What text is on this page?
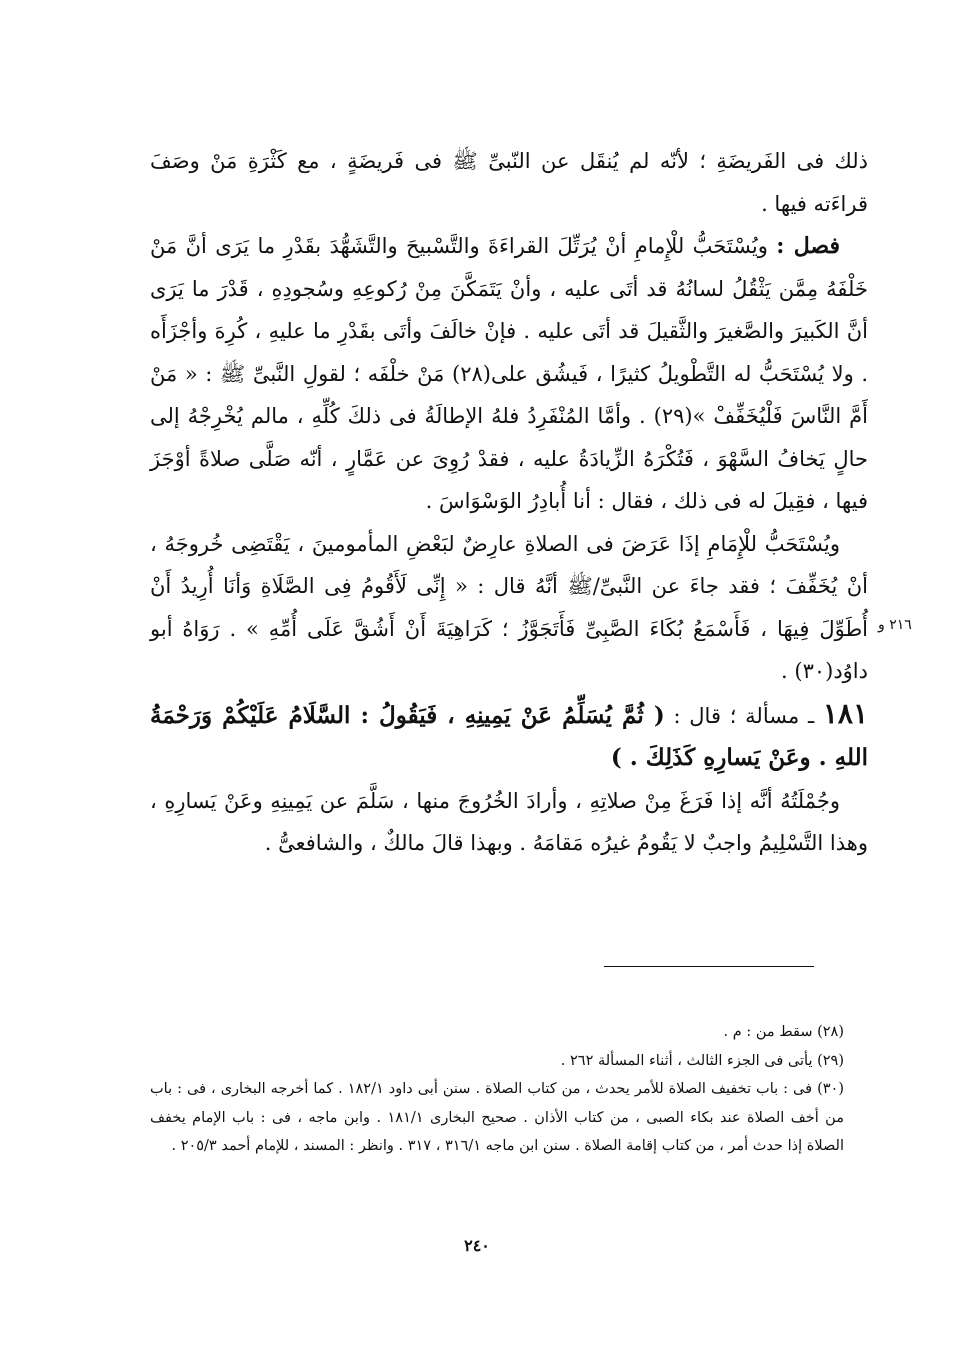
ذلك فى الفَريضَةِ ؛ لأنّه لم يُنقَل عن النّبىِّ ﷺ فى فَريضَةٍ ، مع كَثْرَةِ مَنْ وصَفَ قراءَته فيها .

فصل : ويُسْتَحَبُّ للْإِمامِ أنْ يُرَتِّلَ القراءَةَ والتَّسْبيحَ والتَّشَهُّدَ بقَدْرِ ما يَرَى أنَّ مَنْ خَلْفَهُ مِمَّن يَثْقُلُ لسانُهُ قد أتَى عليه ، وأنْ يَتَمَكَّنَ مِنْ رُكوعِهِ وسُجودِهِ ، قَدْرَ ما يَرَى أنَّ الكَبيرَ والصَّغيرَ والثَّقيلَ قد أتَى عليه . فإنْ خالَفَ وأتَى بقَدْرِ ما عليهِ ، كُرِهَ وأجْزَأَه . ولا يُسْتَحَبُّ له التَّطْويلُ كثيرًا ، فَيشُق على(٢٨) مَنْ خلْفَه ؛ لقولِ النَّبىِّ ﷺ : « مَنْ أَمَّ النَّاسَ فَلْيُخَفِّفْ »(٢٩) . وأمَّا المُنْفَرِدُ فلهُ الإطالَةُ فى ذلكَ كُلِّهِ ، مالم يُخْرِجْهُ إلى حالٍ يَخافُ السَّهْوَ ، فَتُكْرَهُ الزِّيادَةُ عليه ، فقدْ رُوِىَ عن عَمَّارٍ ، أنّه صَلَّى صلاةً أوْجَزَ فيها ، فقِيلَ له فى ذلك ، فقال : أنا أُبادِرُ الوَسْوَاسَ .

ويُسْتَحَبُّ للْإِمَامِ إذَا عَرَضَ فى الصلاةِ عارِضٌ لبَعْضِ المأمومينَ ، يَقْتَضِى خُروجَهُ ، أنْ يُخَفِّفَ ؛ فقد جاءَ عن النَّبىِّ/ﷺ أنَّهُ قال : « إِنِّى لَأَقُومُ فِى الصَّلَاةِ وَأنَا أُرِيدُ أَنْ أُطَوِّلَ فِيهَا ، فَأَسْمَعُ بُكَاءَ الصَّبِىِّ فَأَتَجَوَّزُ ؛ كَرَاهِيَةَ أَنْ أَشُقَّ عَلَى أُمِّهِ » . رَوَاهُ أبو داوُد(٣٠) .

١٨١ ـ مسألة ؛ قال : ( ثُمَّ يُسَلِّمُ عَنْ يَمِينِهِ ، فَيَقُولُ : السَّلَامُ عَلَيْكُمْ وَرَحْمَةُ اللهِ . وعَنْ يَسارِهِ كَذَلِكَ . )

وجُمْلَتُهُ أنَّه إذا فَرَغَ مِنْ صلاتِهِ ، وأرادَ الخُرُوجَ منها ، سَلَّمَ عن يَمِينِهِ وعَنْ يَسارِهِ ، وهذا التَّسْلِيمُ واجبٌ لا يَقُومُ غيرُه مَقامَهُ . وبهذا قالَ مالكٌ ، والشافعىُّ .

٢١٦ و

(٢٨) سقط من : م .

(٢٩) يأتى فى الجزء الثالث ، أثناء المسألة ٢٦٢ .

(٣٠) فى : باب تخفيف الصلاة للأمر يحدث ، من كتاب الصلاة . سنن أبى داود ١٨٢/١ . كما أخرجه البخارى ، فى : باب من أخف الصلاة عند بكاء الصبى ، من كتاب الأذان . صحيح البخارى ١٨١/١ . وابن ماجه ، فى : باب الإمام يخفف الصلاة إذا حدث أمر ، من كتاب إقامة الصلاة . سنن ابن ماجه ٣١٦/١ ، ٣١٧ . وانظر : المسند ، للإمام أحمد ٢٠٥/٣ .

٢٤٠
